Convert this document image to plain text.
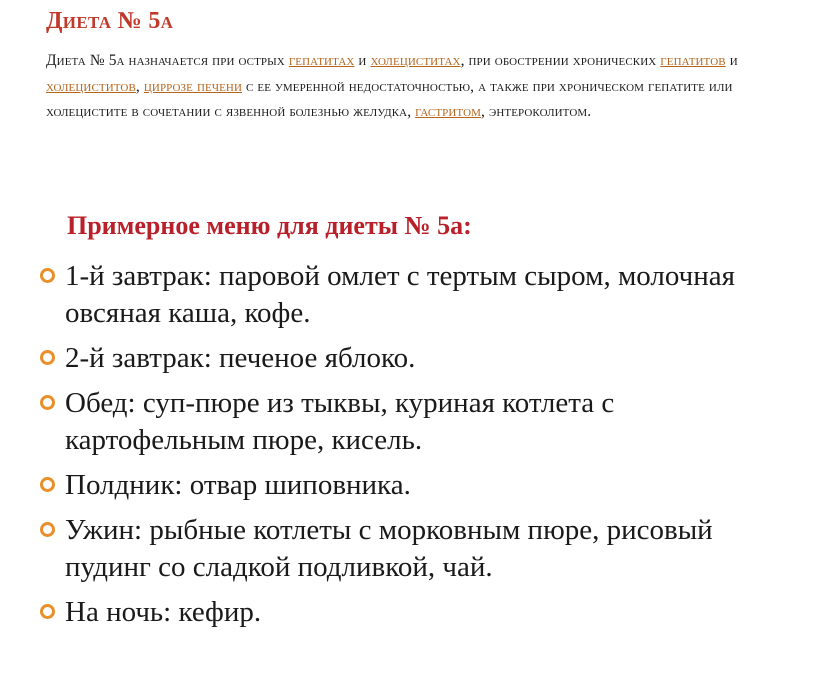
Диета № 5а
Диета № 5а назначается при острых гепатитах и холециститах, при обострении хронических гепатитов и холециститов, циррозе печени с ее умеренной недостаточностью, а также при хроническом гепатите или холецистите в сочетании с язвенной болезнью желудка, гастритом, энтероколитом.
Примерное меню для диеты № 5а:
1-й завтрак: паровой омлет с тертым сыром, молочная овсяная каша, кофе.
2-й завтрак: печеное яблоко.
Обед: суп-пюре из тыквы, куриная котлета с картофельным пюре, кисель.
Полдник: отвар шиповника.
Ужин: рыбные котлеты с морковным пюре, рисовый пудинг со сладкой подливкой, чай.
На ночь: кефир.
